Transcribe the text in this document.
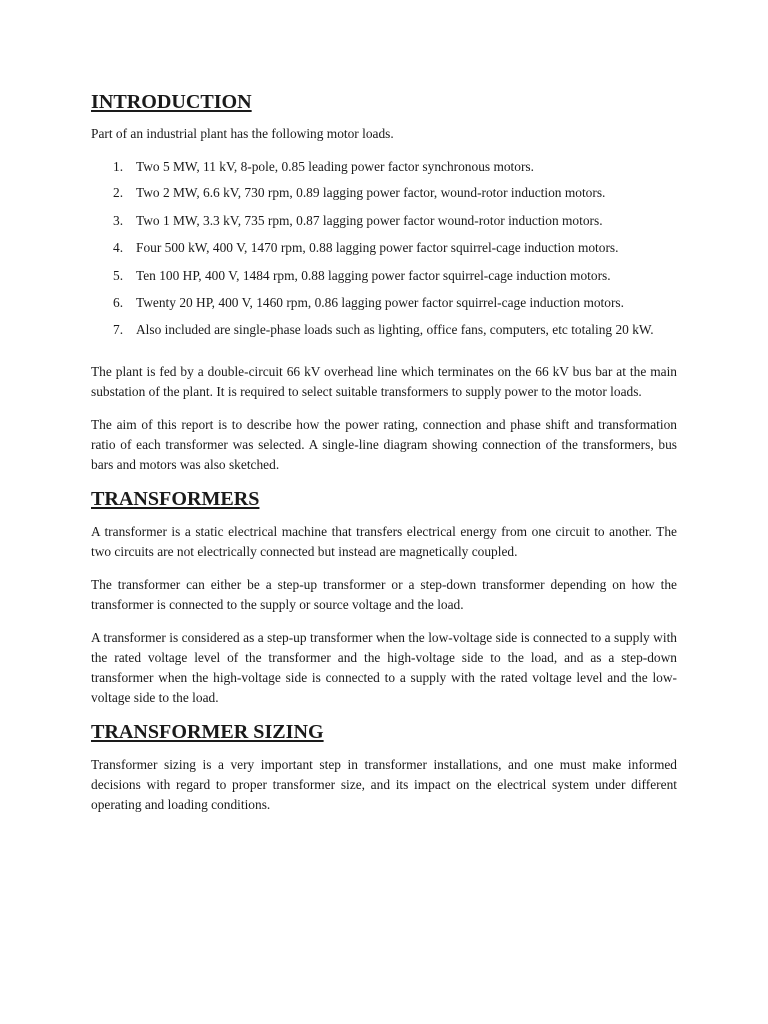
INTRODUCTION

Part of an industrial plant has the following motor loads.

1. Two 5 MW, 11 kV, 8-pole, 0.85 leading power factor synchronous motors.
2. Two 2 MW, 6.6 kV, 730 rpm, 0.89 lagging power factor, wound-rotor induction motors.
3. Two 1 MW, 3.3 kV, 735 rpm, 0.87 lagging power factor wound-rotor induction motors.
4. Four 500 kW, 400 V, 1470 rpm, 0.88 lagging power factor squirrel-cage induction motors.
5. Ten 100 HP, 400 V, 1484 rpm, 0.88 lagging power factor squirrel-cage induction motors.
6. Twenty 20 HP, 400 V, 1460 rpm, 0.86 lagging power factor squirrel-cage induction motors.
7. Also included are single-phase loads such as lighting, office fans, computers, etc totaling 20 kW.

The plant is fed by a double-circuit 66 kV overhead line which terminates on the 66 kV bus bar at the main substation of the plant. It is required to select suitable transformers to supply power to the motor loads.

The aim of this report is to describe how the power rating, connection and phase shift and transformation ratio of each transformer was selected. A single-line diagram showing connection of the transformers, bus bars and motors was also sketched.

TRANSFORMERS

A transformer is a static electrical machine that transfers electrical energy from one circuit to another. The two circuits are not electrically connected but instead are magnetically coupled.

The transformer can either be a step-up transformer or a step-down transformer depending on how the transformer is connected to the supply or source voltage and the load.

A transformer is considered as a step-up transformer when the low-voltage side is connected to a supply with the rated voltage level of the transformer and the high-voltage side to the load, and as a step-down transformer when the high-voltage side is connected to a supply with the rated voltage level and the low-voltage side to the load.

TRANSFORMER SIZING

Transformer sizing is a very important step in transformer installations, and one must make informed decisions with regard to proper transformer size, and its impact on the electrical system under different operating and loading conditions.
